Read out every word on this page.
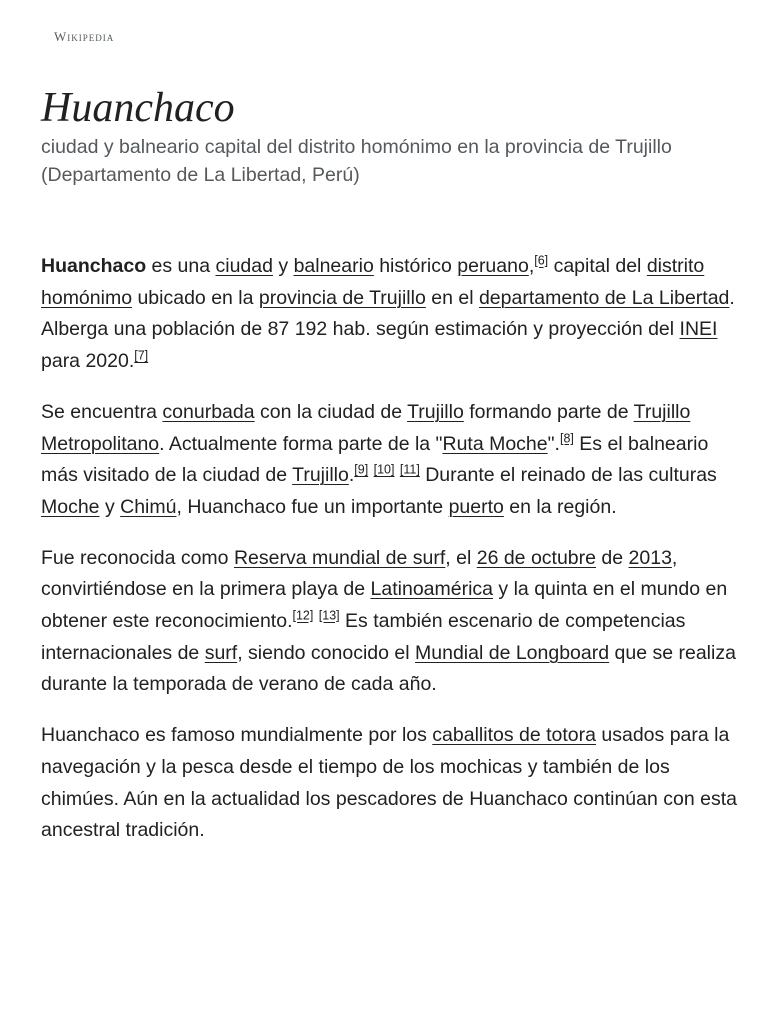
Wikipedia
Huanchaco
ciudad y balneario capital del distrito homónimo en la provincia de Trujillo (Departamento de La Libertad, Perú)

Huanchaco es una ciudad y balneario histórico peruano,[6] capital del distrito homónimo ubicado en la provincia de Trujillo en el departamento de La Libertad. Alberga una población de 87 192 hab. según estimación y proyección del INEI para 2020.[7]

Se encuentra conurbada con la ciudad de Trujillo formando parte de Trujillo Metropolitano. Actualmente forma parte de la "Ruta Moche".[8] Es el balneario más visitado de la ciudad de Trujillo.[9] [10] [11] Durante el reinado de las culturas Moche y Chimú, Huanchaco fue un importante puerto en la región.

Fue reconocida como Reserva mundial de surf, el 26 de octubre de 2013, convirtiéndose en la primera playa de Latinoamérica y la quinta en el mundo en obtener este reconocimiento.[12] [13] Es también escenario de competencias internacionales de surf, siendo conocido el Mundial de Longboard que se realiza durante la temporada de verano de cada año.

Huanchaco es famoso mundialmente por los caballitos de totora usados para la navegación y la pesca desde el tiempo de los mochicas y también de los chimúes. Aún en la actualidad los pescadores de Huanchaco continúan con esta ancestral tradición.
